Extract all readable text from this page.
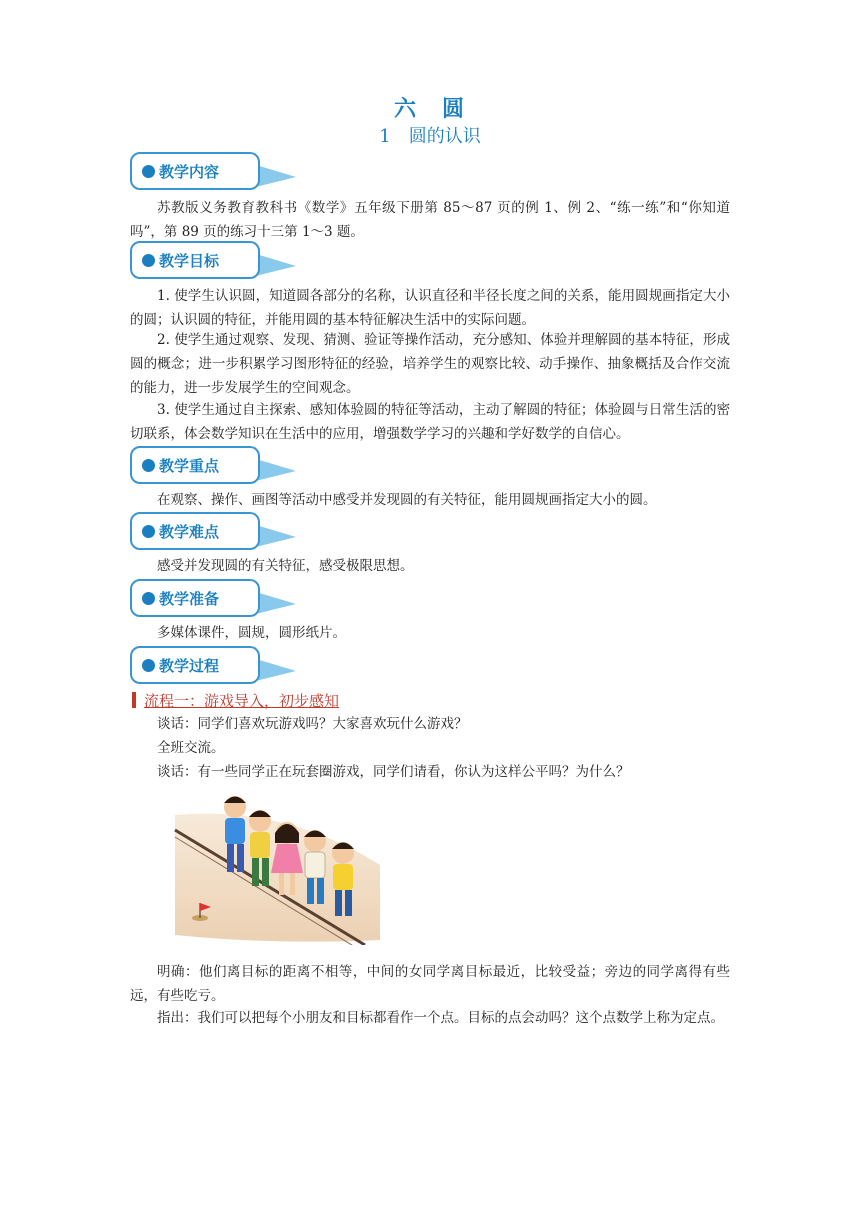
六　圆
1　圆的认识
教学内容
苏教版义务教育教科书《数学》五年级下册第 85～87 页的例 1、例 2、“练一练”和“你知道吗”，第 89 页的练习十三第 1～3 题。
教学目标
1. 使学生认识圆，知道圆各部分的名称，认识直径和半径长度之间的关系，能用圆规画指定大小的圆；认识圆的特征，并能用圆的基本特征解决生活中的实际问题。
2. 使学生通过观察、发现、猜测、验证等操作活动，充分感知、体验并理解圆的基本特征，形成圆的概念；进一步积累学习图形特征的经验，培养学生的观察比较、动手操作、抽象概括及合作交流的能力，进一步发展学生的空间观念。
3. 使学生通过自主探索、感知体验圆的特征等活动，主动了解圆的特征；体验圆与日常生活的密切联系，体会数学知识在生活中的应用，增强数学学习的兴趣和学好数学的自信心。
教学重点
在观察、操作、画图等活动中感受并发现圆的有关特征，能用圆规画指定大小的圆。
教学难点
感受并发现圆的有关特征，感受极限思想。
教学准备
多媒体课件，圆规，圆形纸片。
教学过程
流程一：游戏导入，初步感知
谈话：同学们喜欢玩游戏吗？大家喜欢玩什么游戏？
全班交流。
谈话：有一些同学正在玩套圈游戏，同学们请看，你认为这样公平吗？为什么？
明确：他们离目标的距离不相等，中间的女同学离目标最近，比较受益；旁边的同学离得有些远，有些吃亏。
指出：我们可以把每个小朋友和目标都看作一个点。目标的点会动吗？这个点数学上称为定点。
